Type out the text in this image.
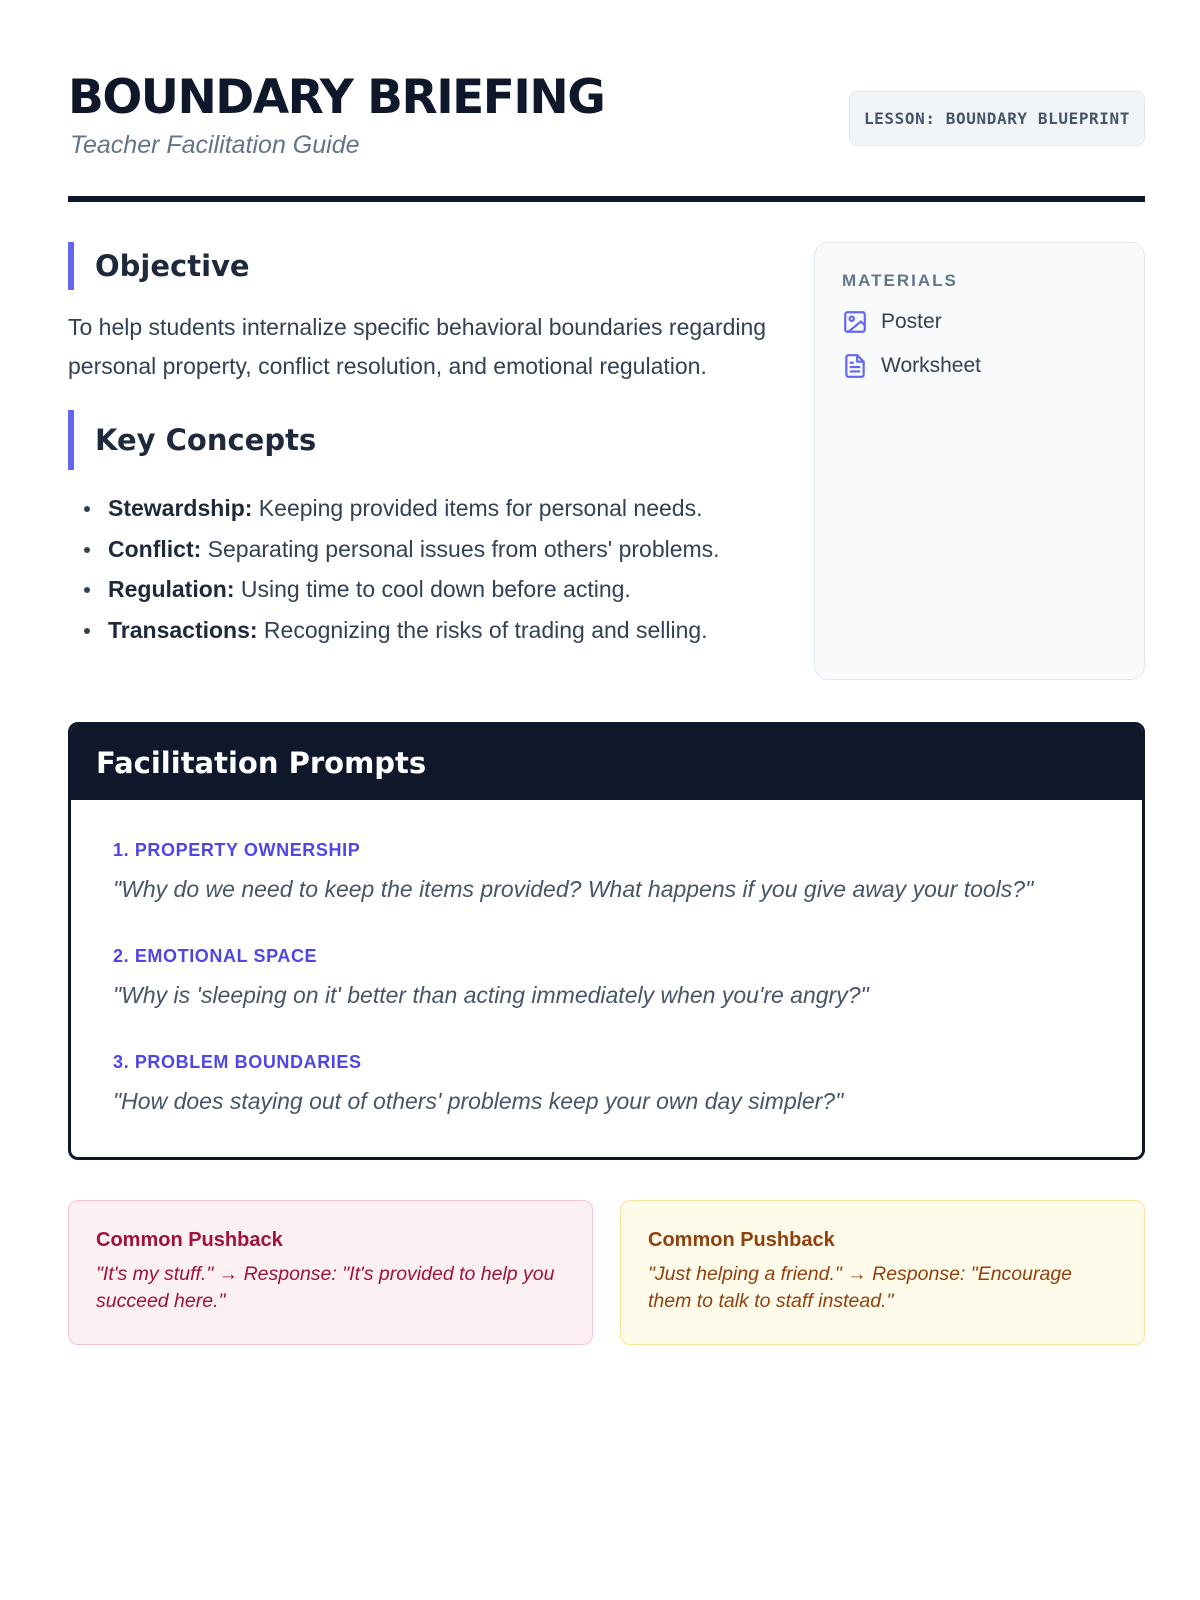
BOUNDARY BRIEFING
Teacher Facilitation Guide
LESSON: BOUNDARY BLUEPRINT
Objective

To help students internalize specific behavioral boundaries regarding personal property, conflict resolution, and emotional regulation.

Key Concepts
Stewardship: Keeping provided items for personal needs.
Conflict: Separating personal issues from others' problems.
Regulation: Using time to cool down before acting.
Transactions: Recognizing the risks of trading and selling.
MATERIALS
Poster
Worksheet
Facilitation Prompts
1. PROPERTY OWNERSHIP
"Why do we need to keep the items provided? What happens if you give away your tools?"
2. EMOTIONAL SPACE
"Why is 'sleeping on it' better than acting immediately when you're angry?"
3. PROBLEM BOUNDARIES
"How does staying out of others' problems keep your own day simpler?"
Common Pushback
"It's my stuff." → Response: "It's provided to help you succeed here."
Common Pushback
"Just helping a friend." → Response: "Encourage them to talk to staff instead."
